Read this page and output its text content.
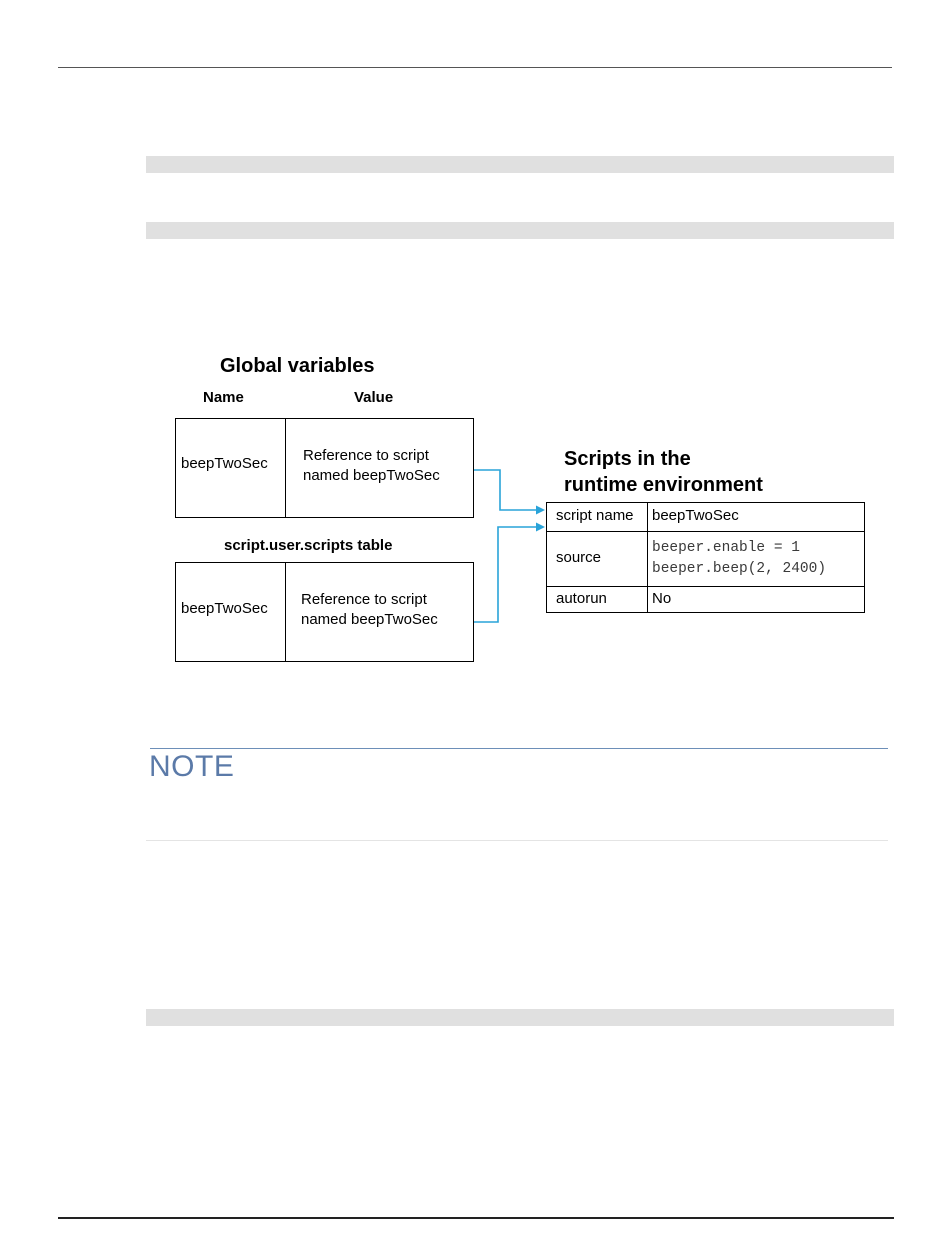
Global variables
Name	Value
beepTwoSec Reference to script
named beepTwoSec
script.user.scripts table
beepTwoSec
Reference to script
named beepTwoSec
Scripts in the
runtime environment
script name beepTwoSec
source
beeper.enable = 1
beeper.beep(2, 2400)
autorun	No
NOTE
